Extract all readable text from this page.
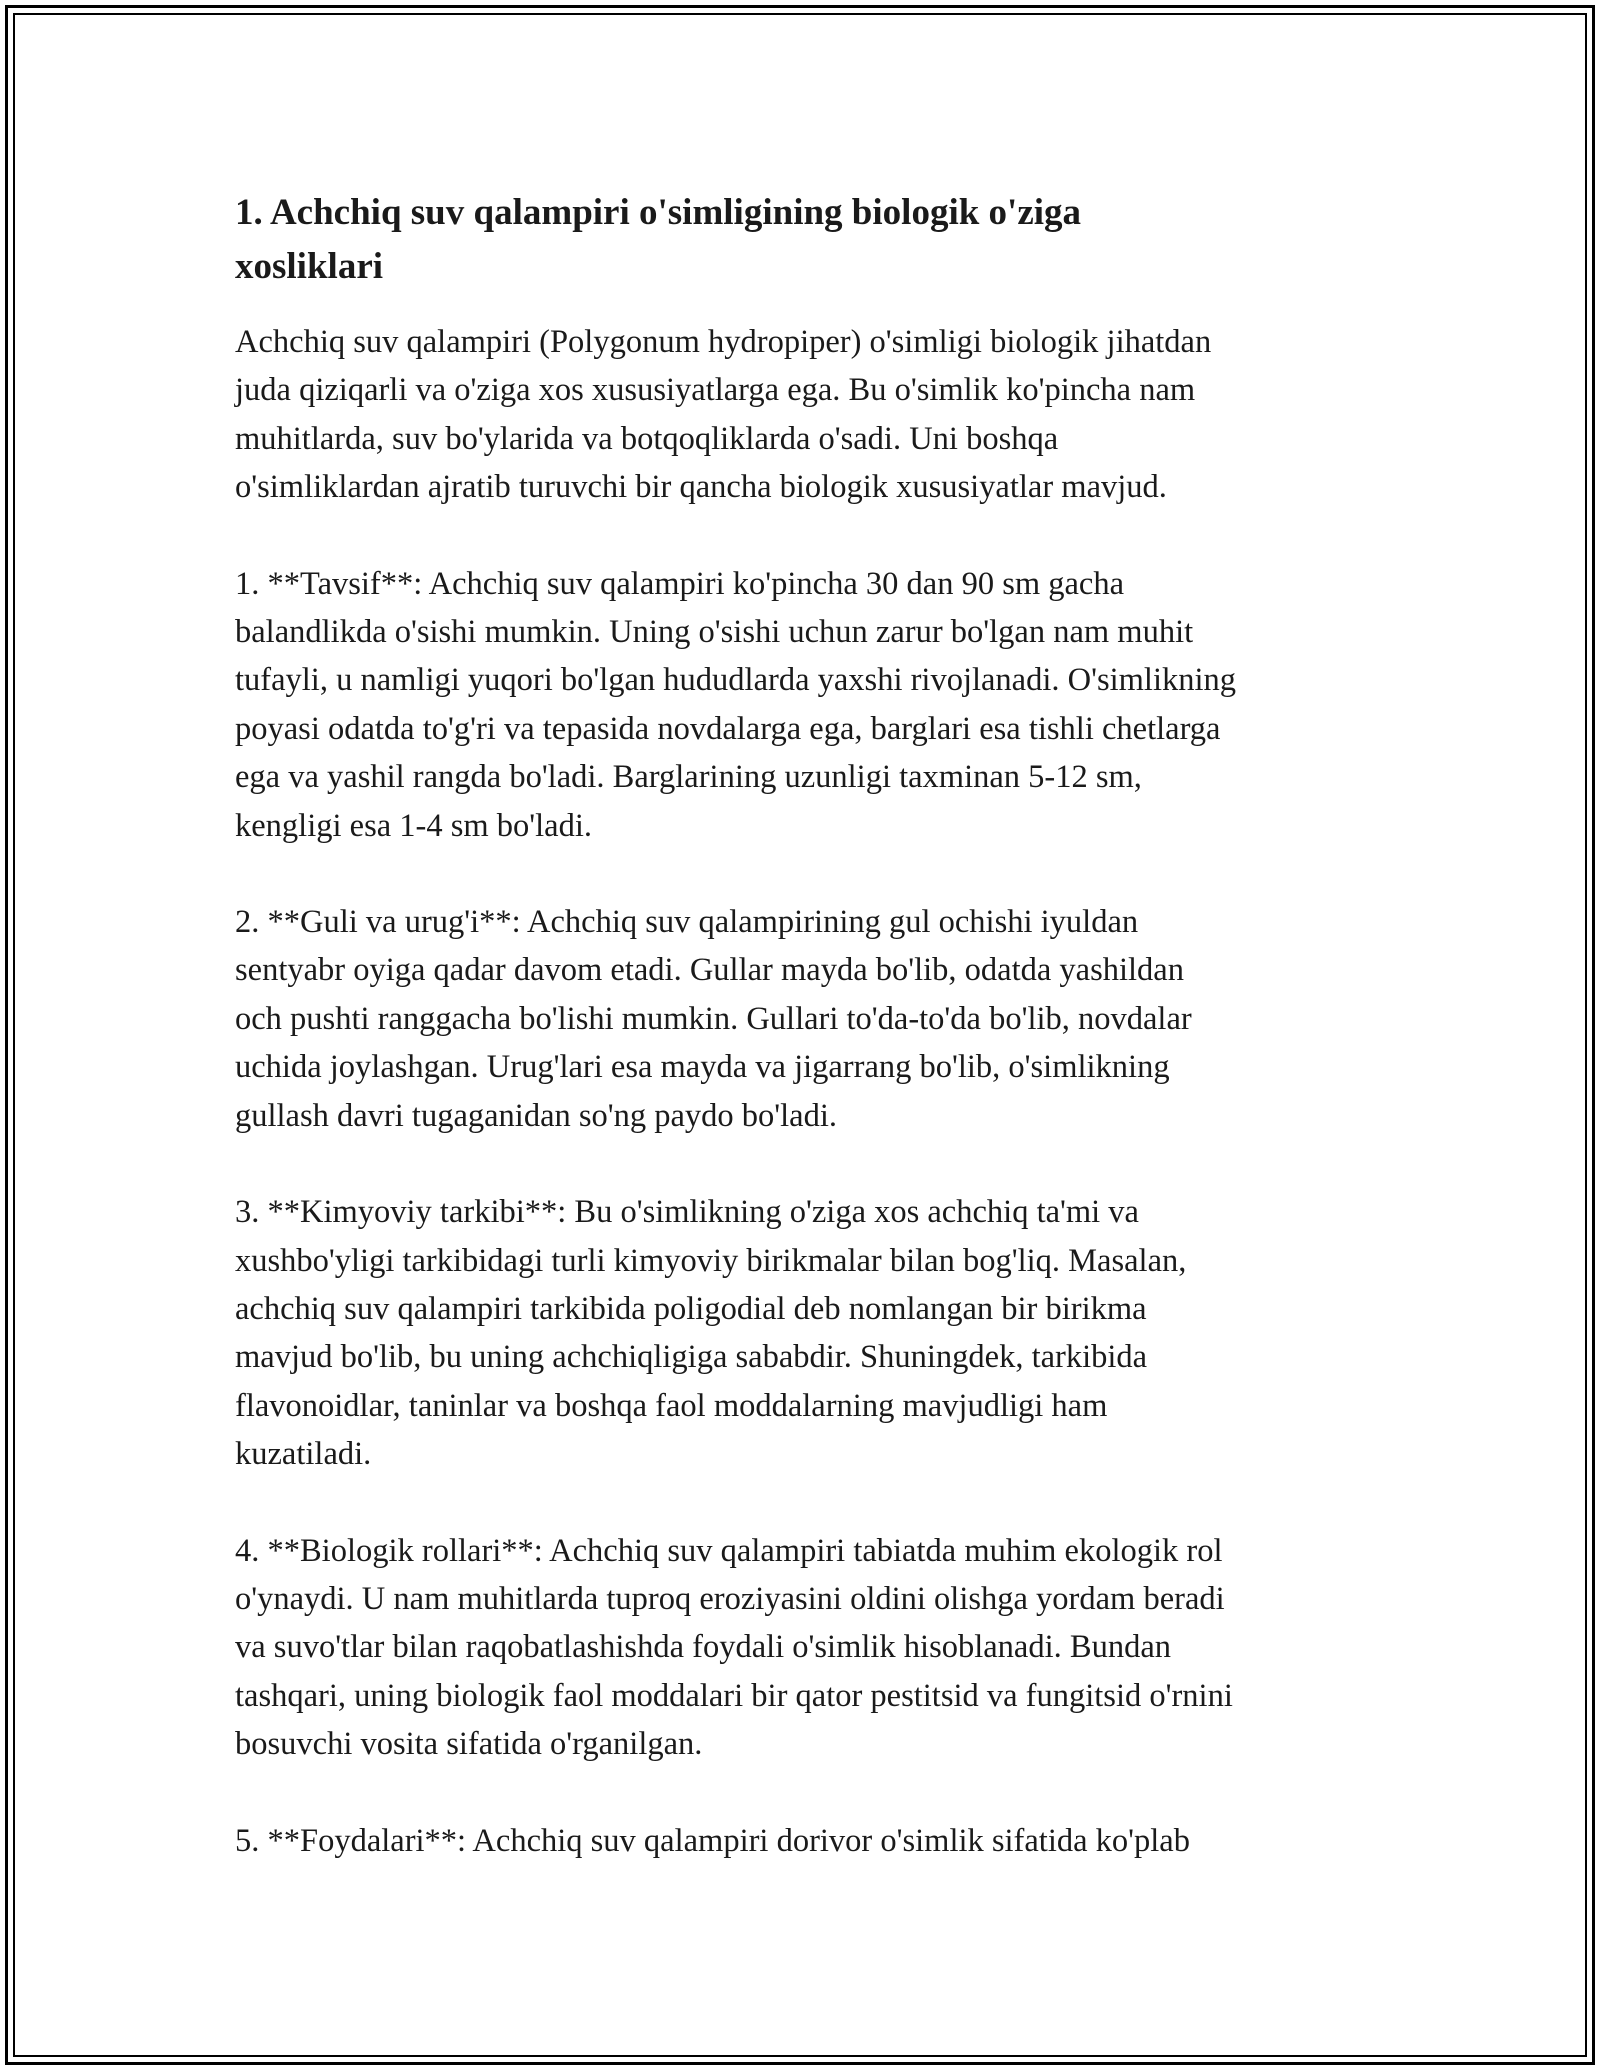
1. Achchiq suv qalampiri o'simligining biologik o'ziga
xosliklari
Achchiq suv qalampiri (Polygonum hydropiper) o'simligi biologik jihatdan
juda qiziqarli va o'ziga xos xususiyatlarga ega. Bu o'simlik ko'pincha nam
muhitlarda, suv bo'ylarida va botqoqliklarda o'sadi. Uni boshqa
o'simliklardan ajratib turuvchi bir qancha biologik xususiyatlar mavjud.
1. **Tavsif**: Achchiq suv qalampiri ko'pincha 30 dan 90 sm gacha
balandlikda o'sishi mumkin. Uning o'sishi uchun zarur bo'lgan nam muhit
tufayli, u namligi yuqori bo'lgan hududlarda yaxshi rivojlanadi. O'simlikning
poyasi odatda to'g'ri va tepasida novdalarga ega, barglari esa tishli chetlarga
ega va yashil rangda bo'ladi. Barglarining uzunligi taxminan 5-12 sm,
kengligi esa 1-4 sm bo'ladi.
2. **Guli va urug'i**: Achchiq suv qalampirining gul ochishi iyuldan
sentyabr oyiga qadar davom etadi. Gullar mayda bo'lib, odatda yashildan
och pushti ranggacha bo'lishi mumkin. Gullari to'da-to'da bo'lib, novdalar
uchida joylashgan. Urug'lari esa mayda va jigarrang bo'lib, o'simlikning
gullash davri tugaganidan so'ng paydo bo'ladi.
3. **Kimyoviy tarkibi**: Bu o'simlikning o'ziga xos achchiq ta'mi va
xushbo'yligi tarkibidagi turli kimyoviy birikmalar bilan bog'liq. Masalan,
achchiq suv qalampiri tarkibida poligodial deb nomlangan bir birikma
mavjud bo'lib, bu uning achchiqligiga sababdir. Shuningdek, tarkibida
flavonoidlar, taninlar va boshqa faol moddalarning mavjudligi ham
kuzatiladi.
4. **Biologik rollari**: Achchiq suv qalampiri tabiatda muhim ekologik rol
o'ynaydi. U nam muhitlarda tuproq eroziyasini oldini olishga yordam beradi
va suvo'tlar bilan raqobatlashishda foydali o'simlik hisoblanadi. Bundan
tashqari, uning biologik faol moddalari bir qator pestitsid va fungitsid o'rnini
bosuvchi vosita sifatida o'rganilgan.
5. **Foydalari**: Achchiq suv qalampiri dorivor o'simlik sifatida ko'plab
